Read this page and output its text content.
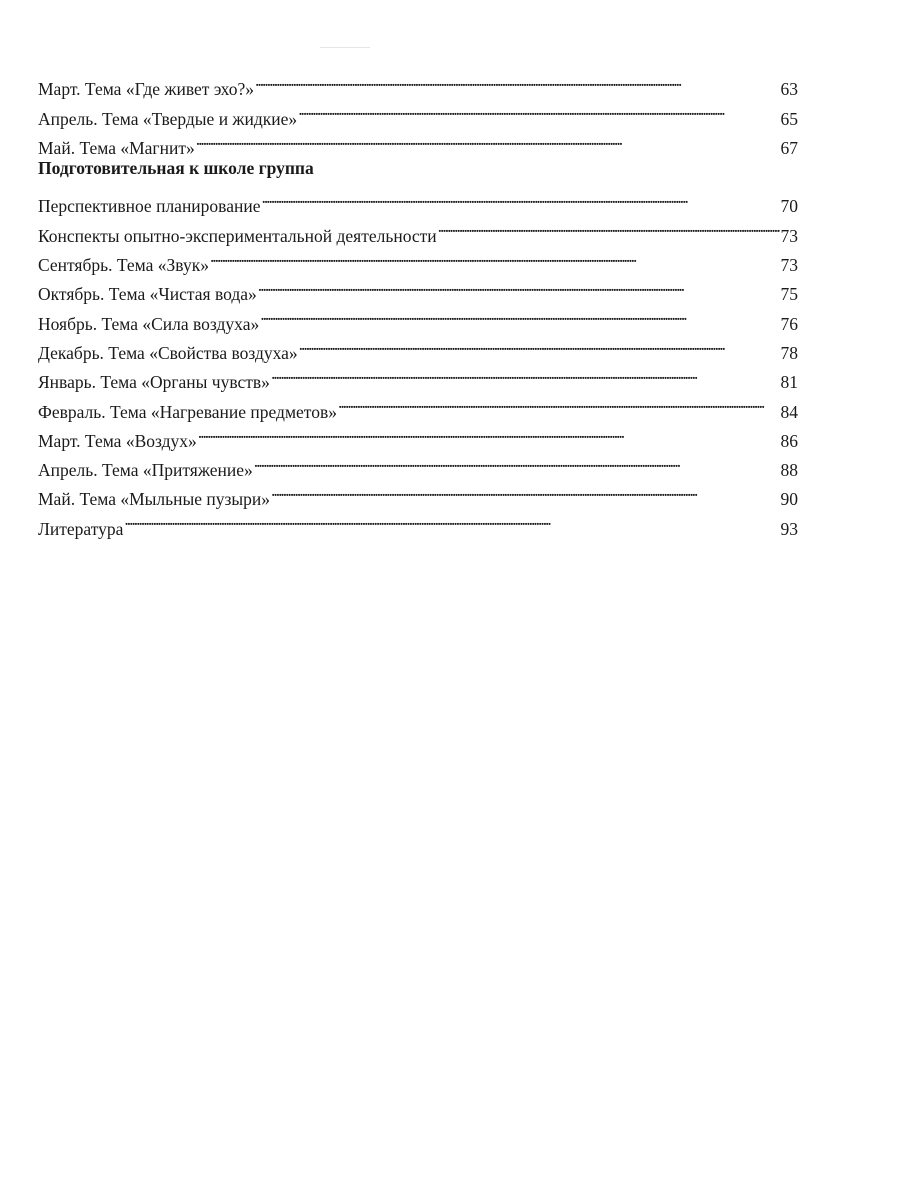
Март. Тема «Где живет эхо?» . . .	63
Апрель. Тема «Твердые и жидкие» . . .	65
Май. Тема «Магнит» . . .	67
Подготовительная к школе группа
Перспективное планирование . . .	70
Конспекты опытно-экспериментальной деятельности . . .	73
Сентябрь. Тема «Звук» . . .	73
Октябрь. Тема «Чистая вода» . . .	75
Ноябрь. Тема «Сила воздуха» . . .	76
Декабрь. Тема «Свойства воздуха» . . .	78
Январь. Тема «Органы чувств» . . .	81
Февраль. Тема «Нагревание предметов» . . .	84
Март. Тема «Воздух» . . .	86
Апрель. Тема «Притяжение» . . .	88
Май. Тема «Мыльные пузыри» . . .	90
Литература . . .	93
